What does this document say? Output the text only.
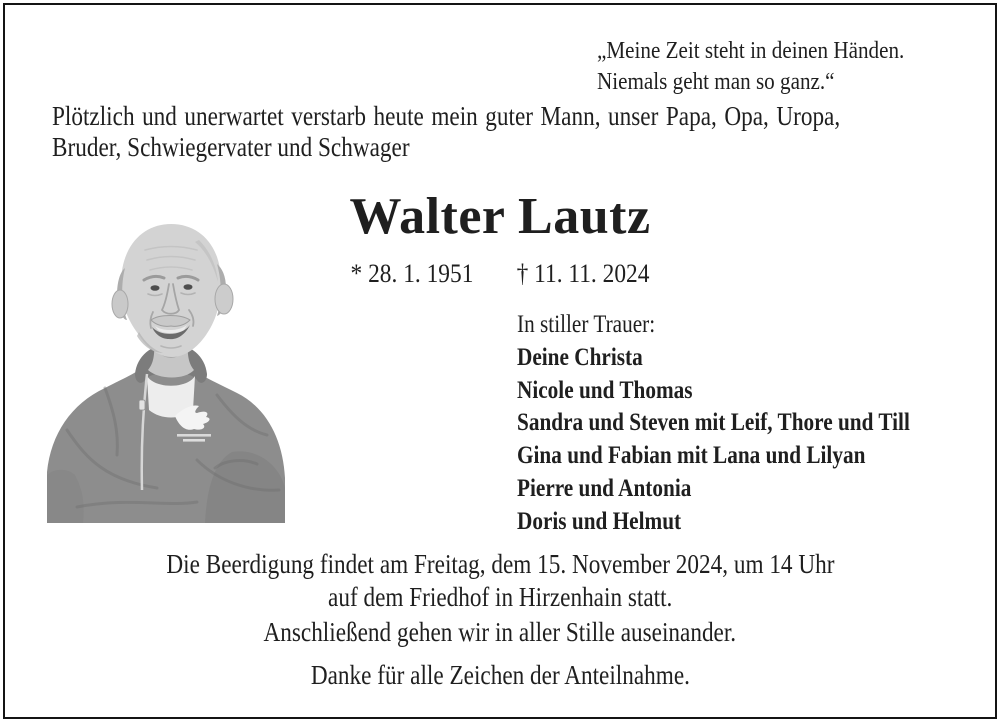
„Meine Zeit steht in deinen Händen.
Niemals geht man so ganz.“
Plötzlich und unerwartet verstarb heute mein guter Mann, unser Papa, Opa, Uropa,
Bruder, Schwiegervater und Schwager
Walter Lautz
* 28. 1. 1951 † 11. 11. 2024
In stiller Trauer:
Deine Christa
Nicole und Thomas
Sandra und Steven mit Leif, Thore und Till
Gina und Fabian mit Lana und Lilyan
Pierre und Antonia
Doris und Helmut
Die Beerdigung findet am Freitag, dem 15. November 2024, um 14 Uhr
auf dem Friedhof in Hirzenhain statt.
Anschließend gehen wir in aller Stille auseinander.
Danke für alle Zeichen der Anteilnahme.
